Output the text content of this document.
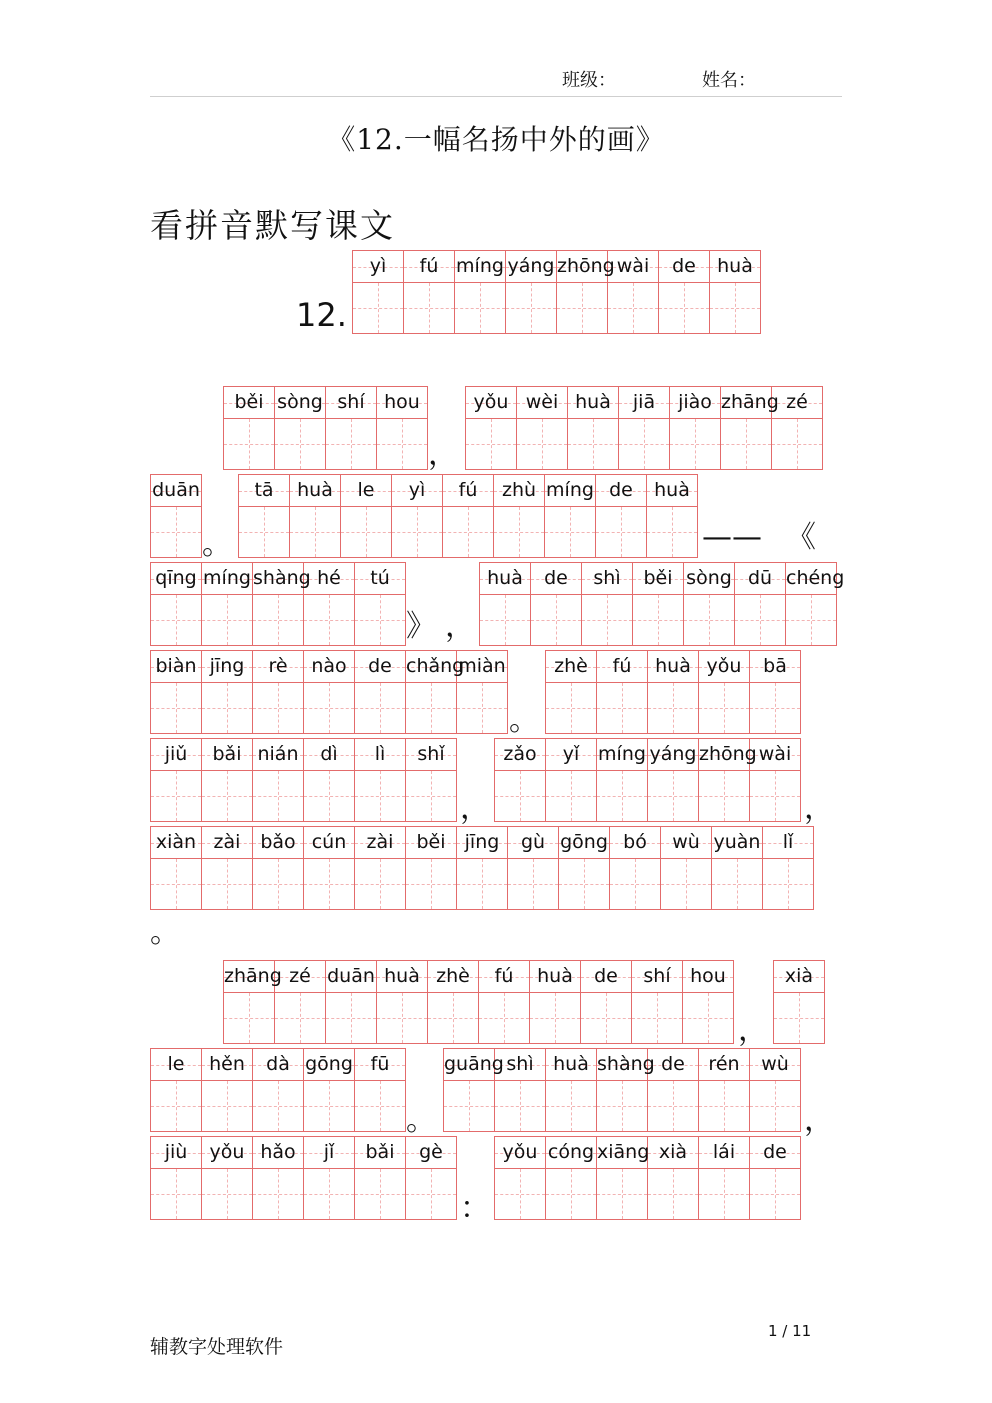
班级：	姓名：
《12.一幅名扬中外的画》
看拼音默写课文
12.
yì	fú míng yáng zhōng wài	de	huà
běi sòng shí	hou	yǒu wèi huà	jiā	jiào zhāng zé
duān	tā	huà	le	yì	fú	zhù míng de	huà
qīng míng shàng hé	tú	huà	de	shì	běi sòng dū chéng
biàn jīng	rè	nào	de chǎng
miàn	zhè	fú	huà yǒu	bā
jiǔ	bǎi nián	dì	lì	shǐ	zǎo	yǐ míng yáng zhōng wài
xiàn zài	bǎo cún	zài	běi	jīng	gù gōng bó	wù yuàn	lǐ
zhāng zé duān huà zhè	fú	huà	de	shí	hou	xià
le	hěn	dà gōng fū	guāng shì	huà shàng de	rén	wù
jiù	yǒu hǎo	jǐ	bǎi	gè	yǒu cóng xiāng xià	lái	de
，
。	—— 《
》 ，
。
，	，
。
，
。	，
：
辅教字处理软件
1 / 11
